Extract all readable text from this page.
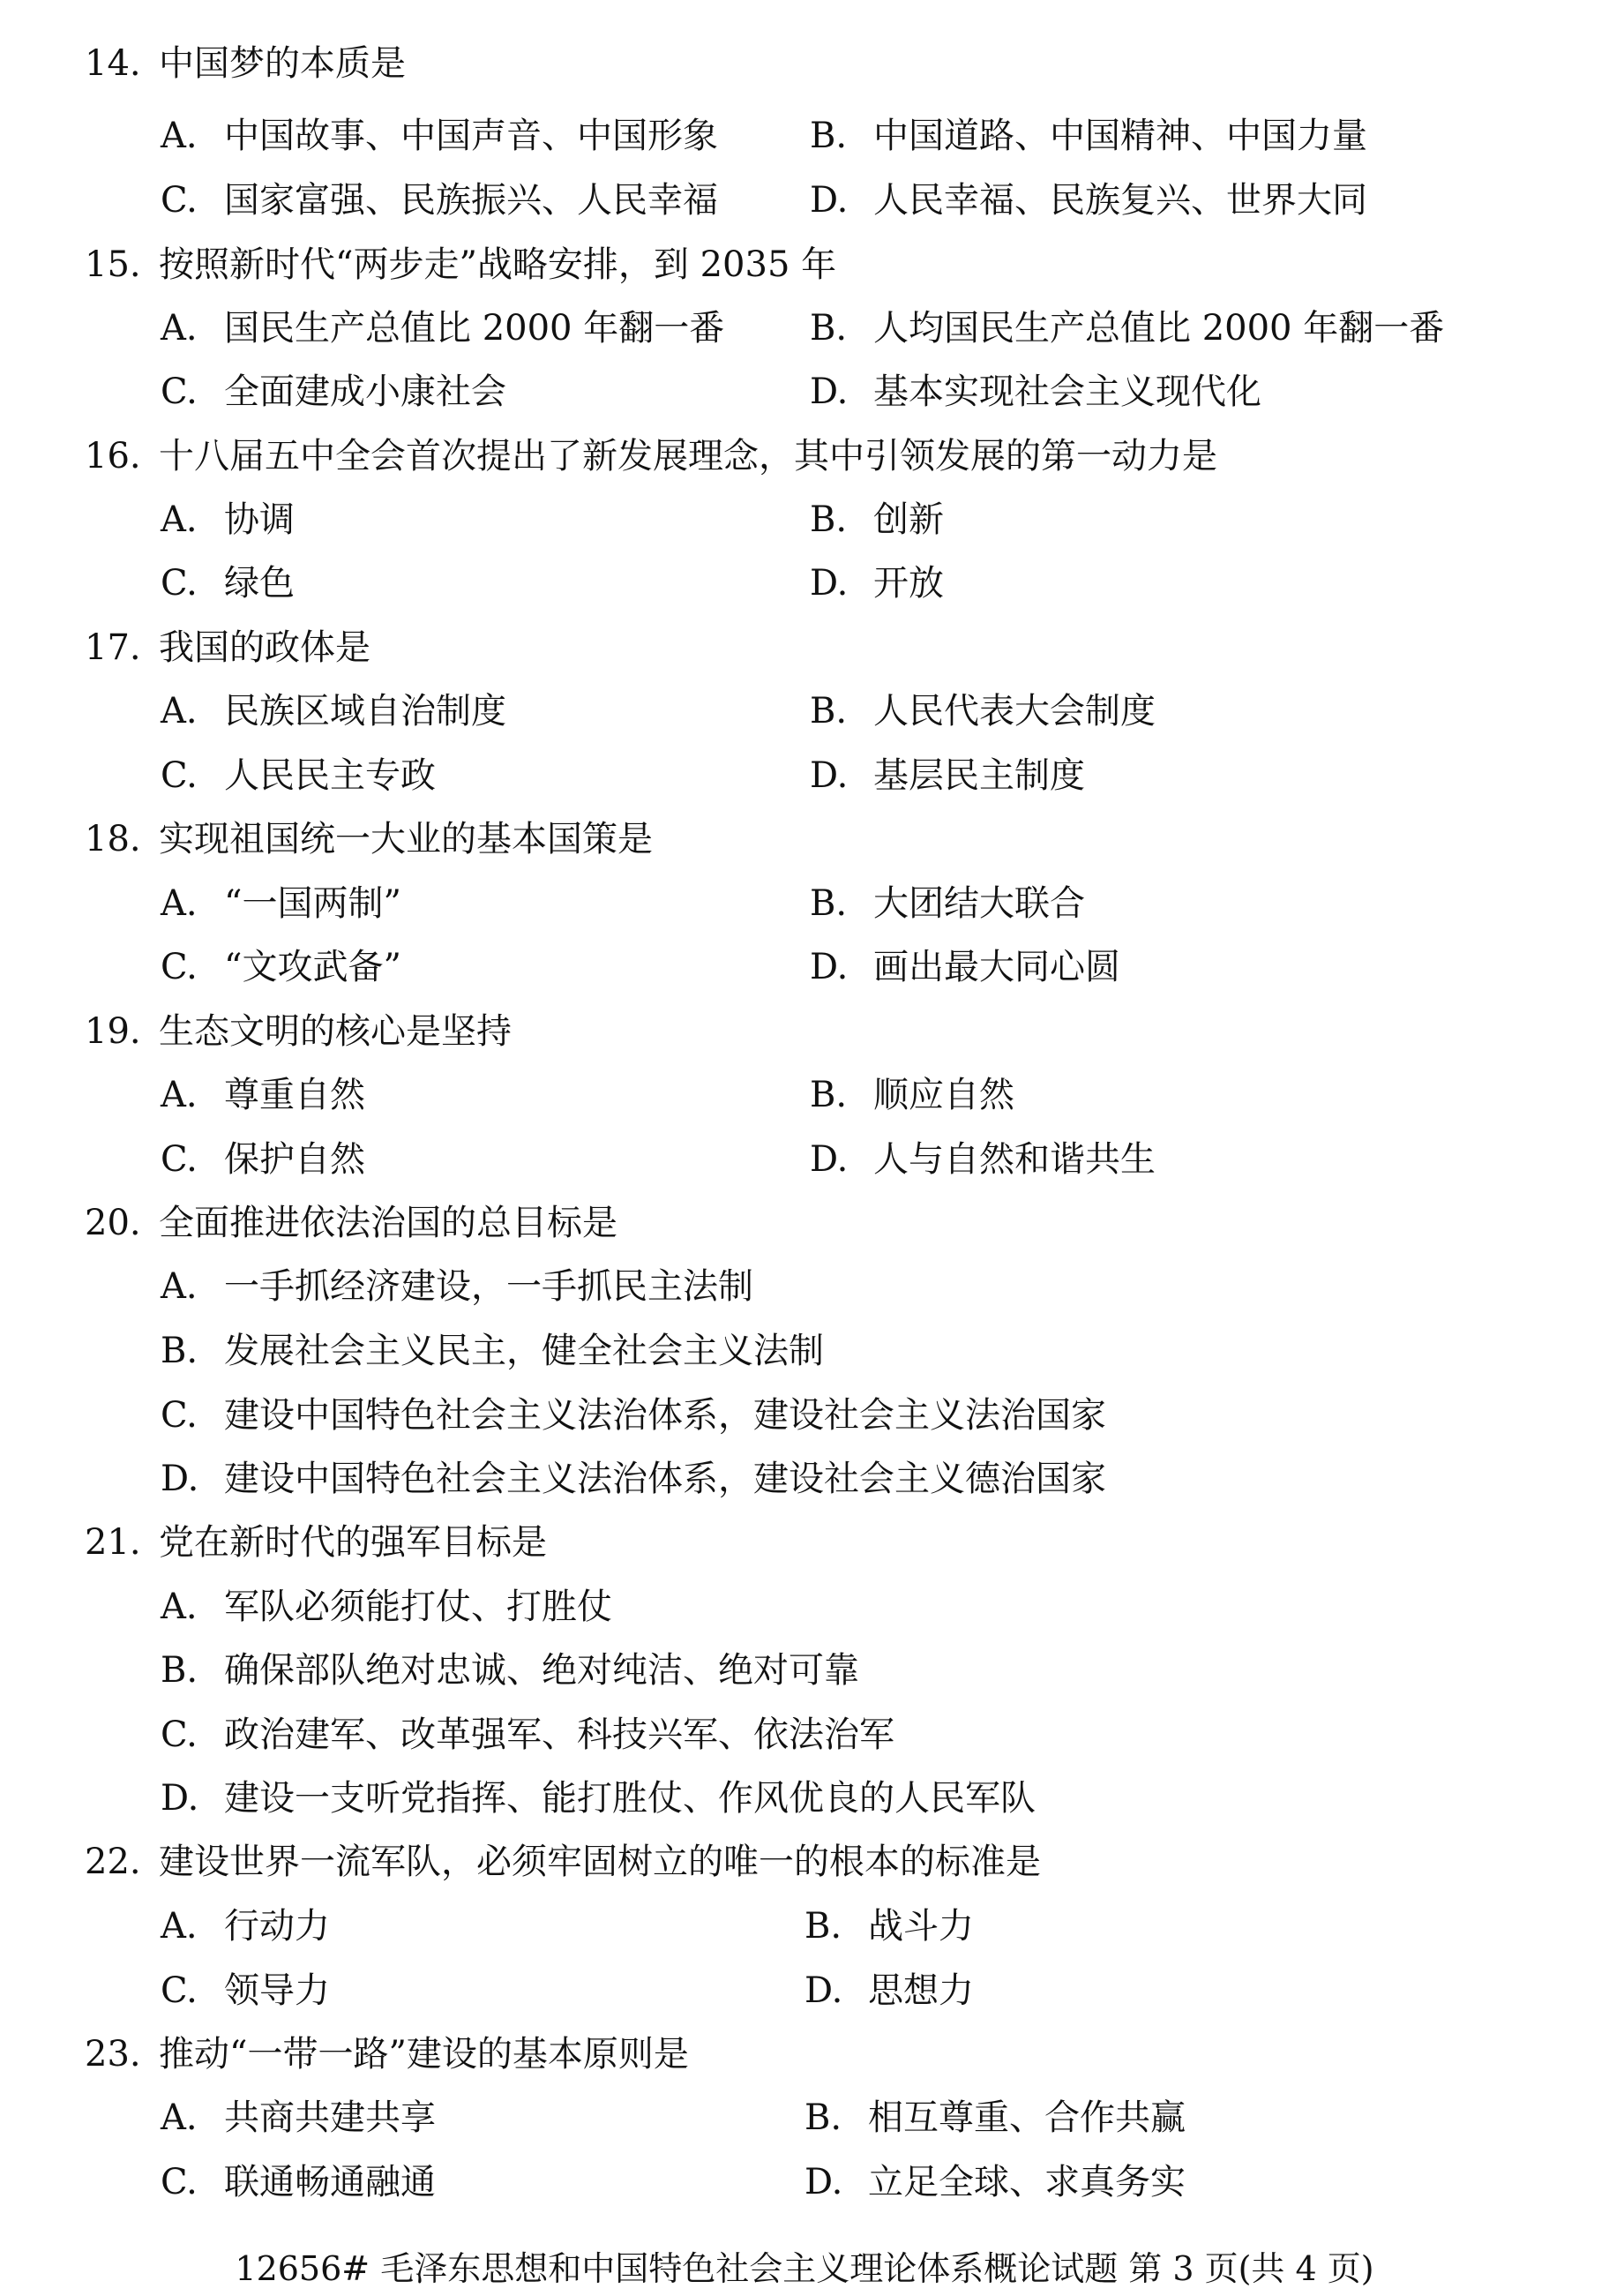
14. 中国梦的本质是
A. 中国故事、中国声音、中国形象	B. 中国道路、中国精神、中国力量
C. 国家富强、民族振兴、人民幸福	D. 人民幸福、民族复兴、世界大同
15. 按照新时代“两步走”战略安排，到 2035 年
A. 国民生产总值比 2000 年翻一番 B. 人均国民生产总值比 2000 年翻一番
C. 全面建成小康社会	D. 基本实现社会主义现代化
16. 十八届五中全会首次提出了新发展理念，其中引领发展的第一动力是
A. 协调	B. 创新
C. 绿色	D. 开放
17. 我国的政体是
A. 民族区域自治制度	B. 人民代表大会制度
C. 人民民主专政	D. 基层民主制度
18. 实现祖国统一大业的基本国策是
A. “一国两制”	B. 大团结大联合
C. “文攻武备”	D. 画出最大同心圆
19. 生态文明的核心是坚持
A. 尊重自然	B. 顺应自然
C. 保护自然	D. 人与自然和谐共生
20. 全面推进依法治国的总目标是
A. 一手抓经济建设，一手抓民主法制
B. 发展社会主义民主，健全社会主义法制
C. 建设中国特色社会主义法治体系，建设社会主义法治国家
D. 建设中国特色社会主义法治体系，建设社会主义德治国家
21. 党在新时代的强军目标是
A. 军队必须能打仗、打胜仗
B. 确保部队绝对忠诚、绝对纯洁、绝对可靠
C. 政治建军、改革强军、科技兴军、依法治军
D. 建设一支听党指挥、能打胜仗、作风优良的人民军队
22. 建设世界一流军队，必须牢固树立的唯一的根本的标准是
A. 行动力	B. 战斗力
C. 领导力	D. 思想力
23. 推动“一带一路”建设的基本原则是
A. 共商共建共享	B. 相互尊重、合作共赢
C. 联通畅通融通	D. 立足全球、求真务实
12656# 毛泽东思想和中国特色社会主义理论体系概论试题 第 3 页(共 4 页)
